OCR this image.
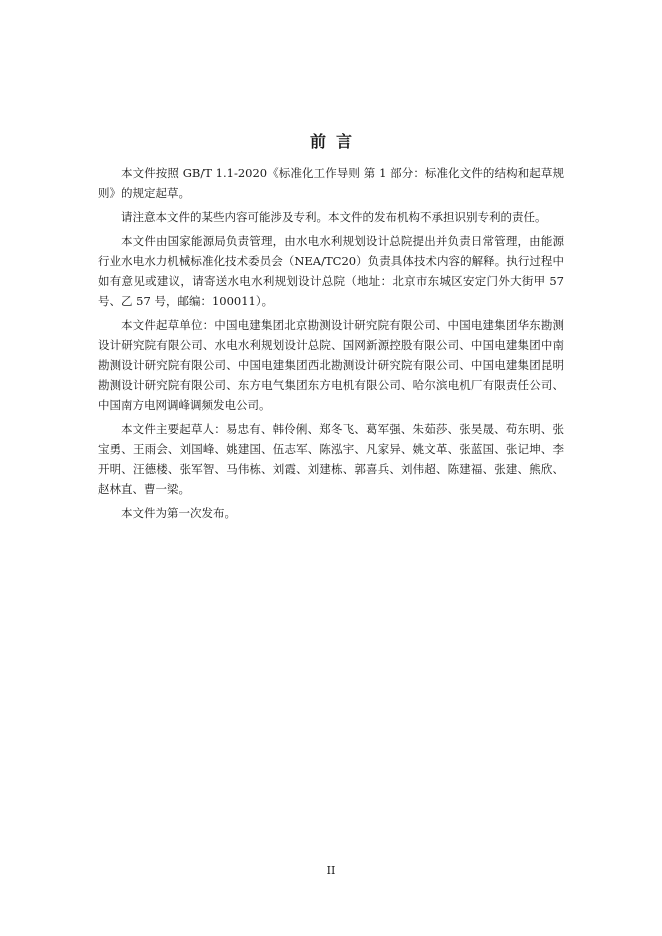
前言

本文件按照 GB/T 1.1-2020《标准化工作导则 第 1 部分：标准化文件的结构和起草规则》的规定起草。

请注意本文件的某些内容可能涉及专利。本文件的发布机构不承担识别专利的责任。

本文件由国家能源局负责管理，由水电水利规划设计总院提出并负责日常管理，由能源行业水电水力机械标准化技术委员会（NEA/TC20）负责具体技术内容的解释。执行过程中如有意见或建议，请寄送水电水利规划设计总院（地址：北京市东城区安定门外大街甲 57 号、乙 57 号，邮编：100011）。

本文件起草单位：中国电建集团北京勘测设计研究院有限公司、中国电建集团华东勘测设计研究院有限公司、水电水利规划设计总院、国网新源控股有限公司、中国电建集团中南勘测设计研究院有限公司、中国电建集团西北勘测设计研究院有限公司、中国电建集团昆明勘测设计研究院有限公司、东方电气集团东方电机有限公司、哈尔滨电机厂有限责任公司、中国南方电网调峰调频发电公司。

本文件主要起草人：易忠有、韩伶俐、郑冬飞、葛军强、朱茹莎、张昊晟、苟东明、张宝勇、王雨会、刘国峰、姚建国、伍志军、陈泓宇、凡家异、姚文革、张蓝国、张记坤、李开明、汪德楼、张军智、马伟栋、刘霞、刘建栋、郭喜兵、刘伟超、陈建福、张建、熊欣、赵林直、曹一梁。

本文件为第一次发布。

II
